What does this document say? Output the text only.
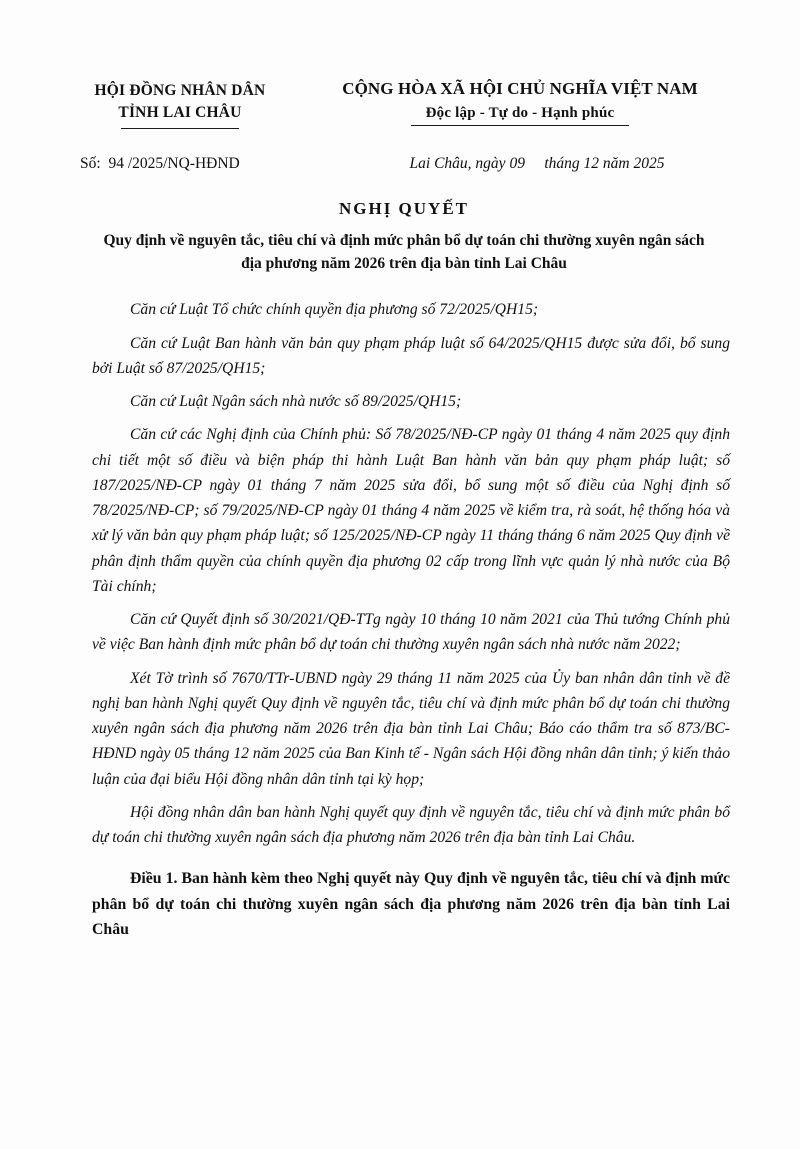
HỘI ĐỒNG NHÂN DÂN
TỈNH LAI CHÂU
CỘNG HÒA XÃ HỘI CHỦ NGHĨA VIỆT NAM
Độc lập - Tự do - Hạnh phúc
Số: 94 /2025/NQ-HĐND	Lai Châu, ngày 09     tháng 12 năm 2025
NGHỊ QUYẾT
Quy định về nguyên tắc, tiêu chí và định mức phân bổ dự toán chi thường xuyên ngân sách địa phương năm 2026 trên địa bàn tỉnh Lai Châu

Căn cứ Luật Tổ chức chính quyền địa phương số 72/2025/QH15;

Căn cứ Luật Ban hành văn bản quy phạm pháp luật số 64/2025/QH15 được sửa đổi, bổ sung bởi Luật số 87/2025/QH15;

Căn cứ Luật Ngân sách nhà nước số 89/2025/QH15;

Căn cứ các Nghị định của Chính phủ: Số 78/2025/NĐ-CP ngày 01 tháng 4 năm 2025 quy định chi tiết một số điều và biện pháp thi hành Luật Ban hành văn bản quy phạm pháp luật; số 187/2025/NĐ-CP ngày 01 tháng 7 năm 2025 sửa đổi, bổ sung một số điều của Nghị định số 78/2025/NĐ-CP; số 79/2025/NĐ-CP ngày 01 tháng 4 năm 2025 về kiểm tra, rà soát, hệ thống hóa và xử lý văn bản quy phạm pháp luật; số 125/2025/NĐ-CP ngày 11 tháng tháng 6 năm 2025 Quy định về phân định thẩm quyền của chính quyền địa phương 02 cấp trong lĩnh vực quản lý nhà nước của Bộ Tài chính;

Căn cứ Quyết định số 30/2021/QĐ-TTg ngày 10 tháng 10 năm 2021 của Thủ tướng Chính phủ về việc Ban hành định mức phân bổ dự toán chi thường xuyên ngân sách nhà nước năm 2022;

Xét Tờ trình số 7670/TTr-UBND ngày 29 tháng 11 năm 2025 của Ủy ban nhân dân tỉnh về đề nghị ban hành Nghị quyết Quy định về nguyên tắc, tiêu chí và định mức phân bổ dự toán chi thường xuyên ngân sách địa phương năm 2026 trên địa bàn tỉnh Lai Châu; Báo cáo thẩm tra số 873/BC-HĐND ngày 05 tháng 12 năm 2025 của Ban Kinh tế - Ngân sách Hội đồng nhân dân tỉnh; ý kiến thảo luận của đại biểu Hội đồng nhân dân tỉnh tại kỳ họp;

Hội đồng nhân dân ban hành Nghị quyết quy định về nguyên tắc, tiêu chí và định mức phân bổ dự toán chi thường xuyên ngân sách địa phương năm 2026 trên địa bàn tỉnh Lai Châu.

Điều 1. Ban hành kèm theo Nghị quyết này Quy định về nguyên tắc, tiêu chí và định mức phân bổ dự toán chi thường xuyên ngân sách địa phương năm 2026 trên địa bàn tỉnh Lai Châu
